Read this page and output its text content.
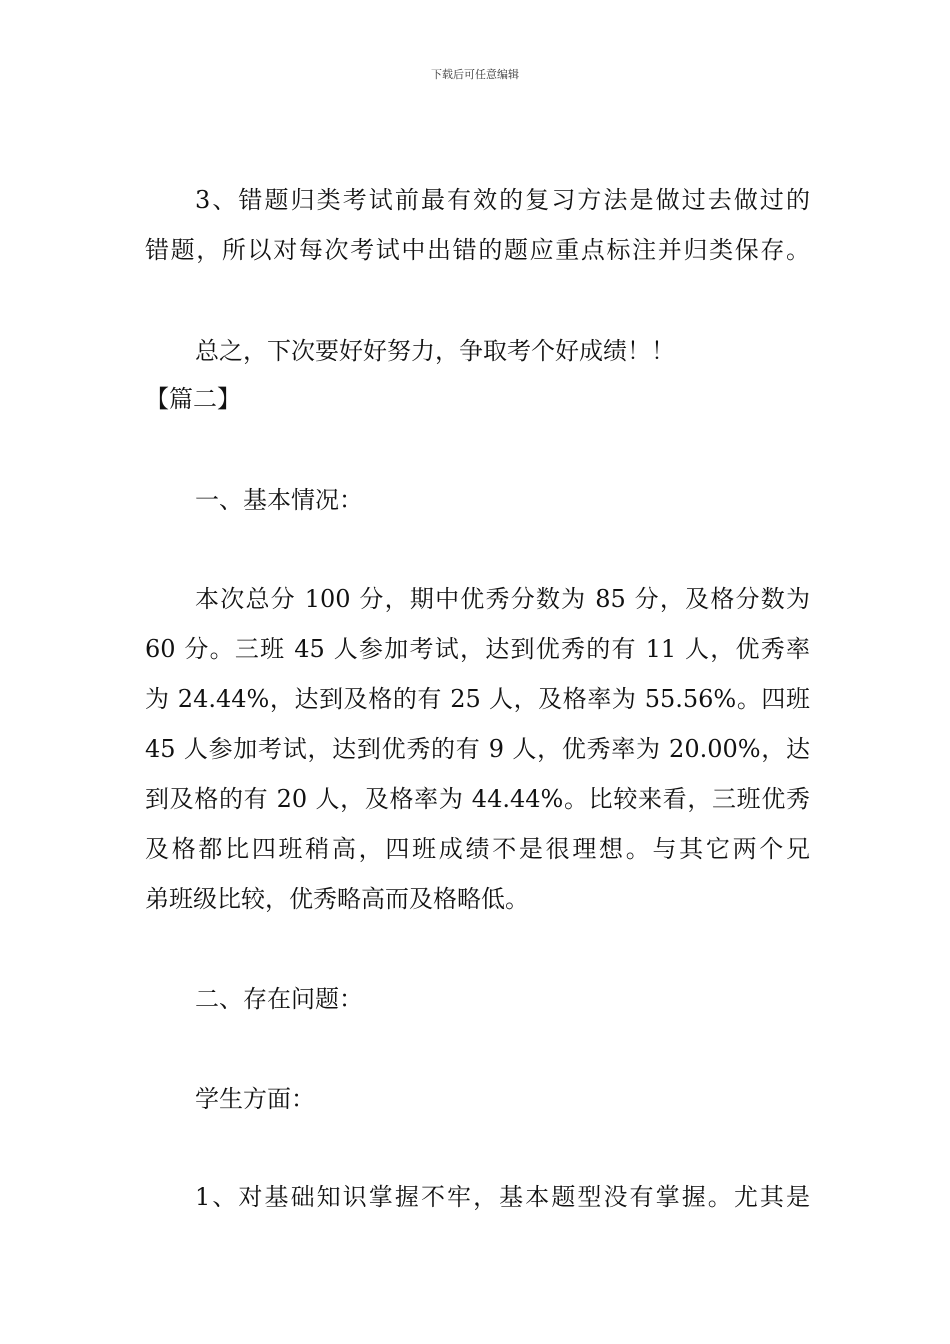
下载后可任意编辑
3、错题归类考试前最有效的复习方法是做过去做过的
错题，所以对每次考试中出错的题应重点标注并归类保存。
总之，下次要好好努力，争取考个好成绩！！
【篇二】
一、基本情况：
本次总分 100 分，期中优秀分数为 85 分，及格分数为
60 分。三班 45 人参加考试，达到优秀的有 11 人，优秀率
为 24.44%，达到及格的有 25 人，及格率为 55.56%。四班
45 人参加考试，达到优秀的有 9 人，优秀率为 20.00%，达
到及格的有 20 人，及格率为 44.44%。比较来看，三班优秀
及格都比四班稍高，四班成绩不是很理想。与其它两个兄
弟班级比较，优秀略高而及格略低。
二、存在问题：
学生方面：
1、对基础知识掌握不牢，基本题型没有掌握。尤其是
